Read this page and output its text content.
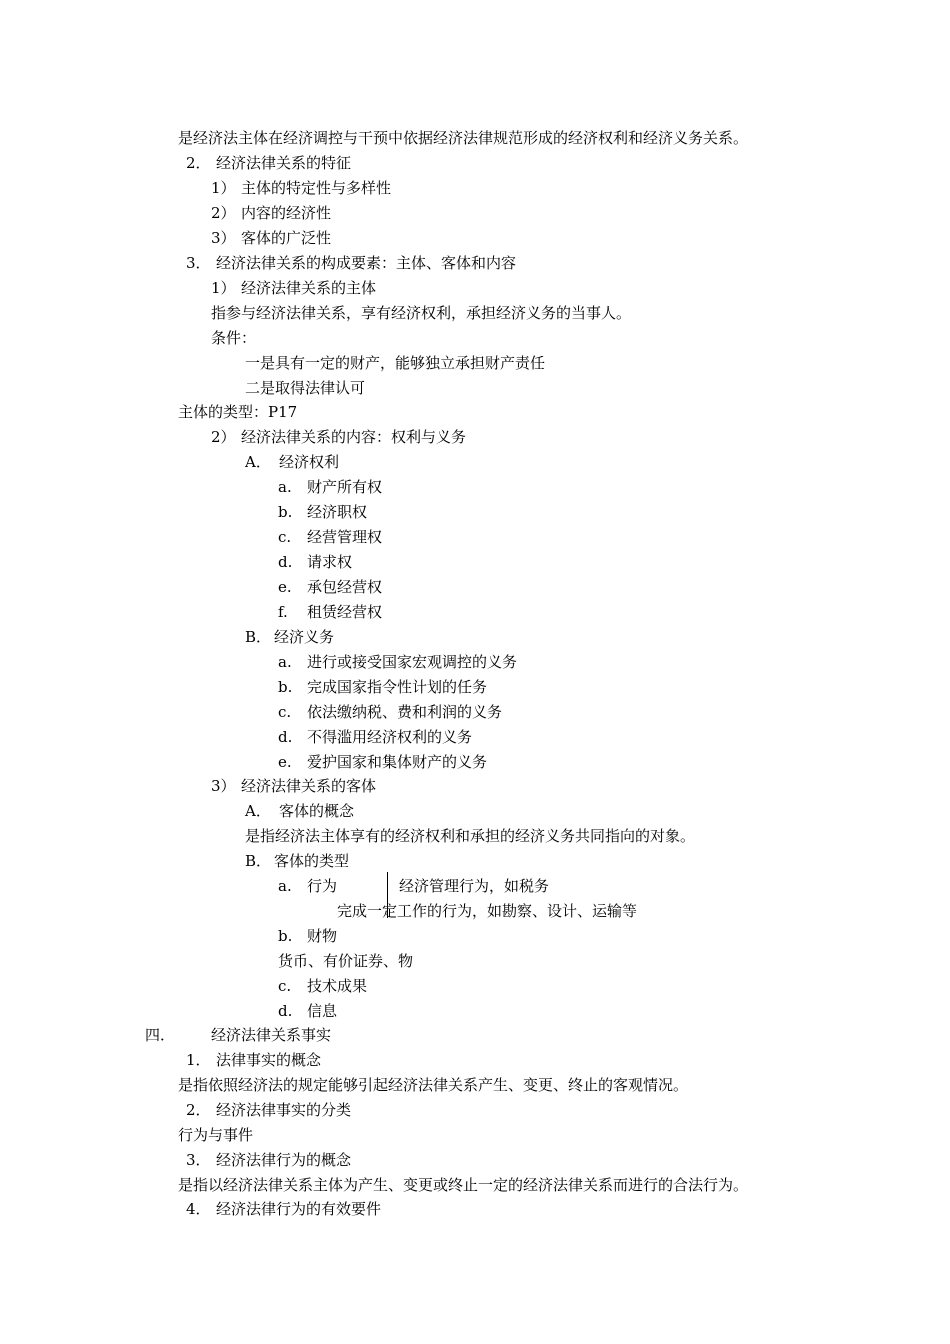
是经济法主体在经济调控与干预中依据经济法律规范形成的经济权利和经济义务关系。
2． 经济法律关系的特征
1） 主体的特定性与多样性
2） 内容的经济性
3） 客体的广泛性
3． 经济法律关系的构成要素：主体、客体和内容
1） 经济法律关系的主体
指参与经济法律关系，享有经济权利，承担经济义务的当事人。
条件：
一是具有一定的财产，能够独立承担财产责任
二是取得法律认可
主体的类型：P17
2） 经济法律关系的内容：权利与义务
A． 经济权利
a. 财产所有权
b. 经济职权
c. 经营管理权
d. 请求权
e. 承包经营权
f. 租赁经营权
B． 经济义务
a. 进行或接受国家宏观调控的义务
b. 完成国家指令性计划的任务
c. 依法缴纳税、费和利润的义务
d. 不得滥用经济权利的义务
e. 爱护国家和集体财产的义务
3） 经济法律关系的客体
A． 客体的概念
是指经济法主体享有的经济权利和承担的经济义务共同指向的对象。
B． 客体的类型
a. 行为	经济管理行为，如税务
完成一定工作的行为，如勘察、设计、运输等
b. 财物
货币、有价证券、物
c. 技术成果
d. 信息
四． 经济法律关系事实
1． 法律事实的概念
是指依照经济法的规定能够引起经济法律关系产生、变更、终止的客观情况。
2． 经济法律事实的分类
行为与事件
3． 经济法律行为的概念
是指以经济法律关系主体为产生、变更或终止一定的经济法律关系而进行的合法行为。
4． 经济法律行为的有效要件
